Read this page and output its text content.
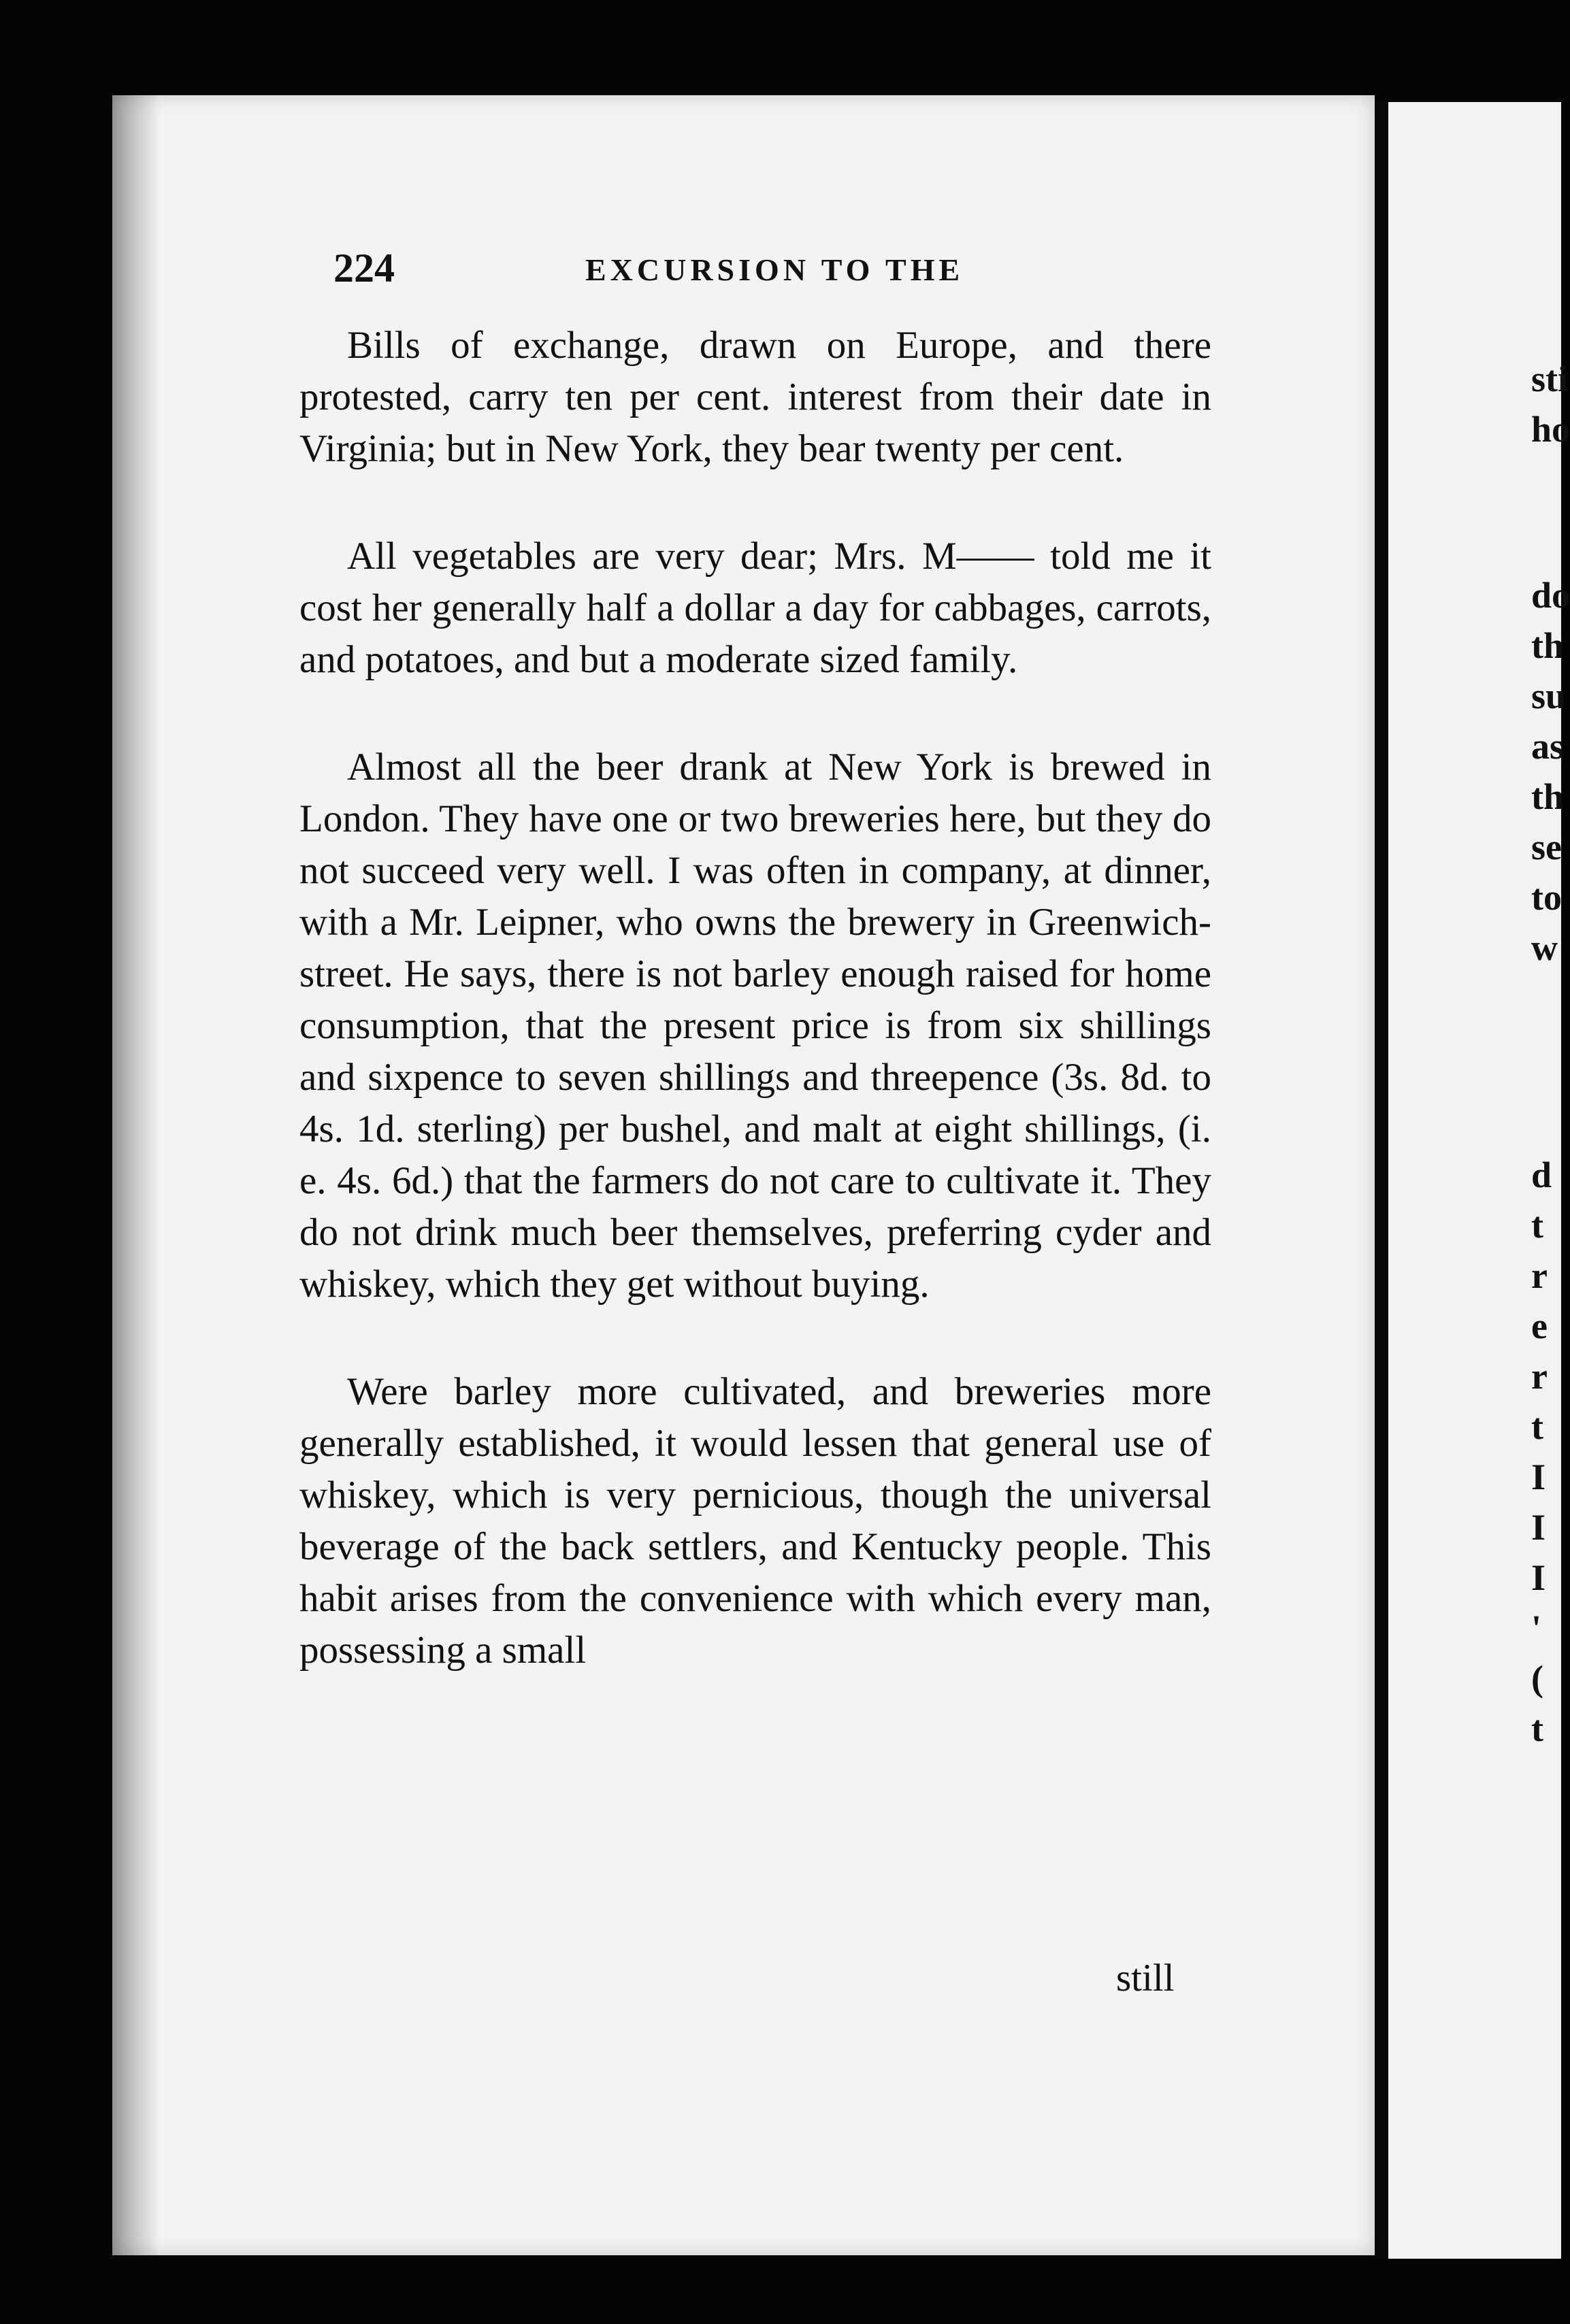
224	EXCURSION TO THE

Bills of exchange, drawn on Europe, and there protested, carry ten per cent. interest from their date in Virginia; but in New York, they bear twenty per cent.

All vegetables are very dear; Mrs. M—— told me it cost her generally half a dollar a day for cabbages, carrots, and potatoes, and but a moderate sized family.

Almost all the beer drank at New York is brewed in London. They have one or two breweries here, but they do not succeed very well. I was often in company, at dinner, with a Mr. Leipner, who owns the brewery in Greenwich-street. He says, there is not barley enough raised for home consumption, that the present price is from six shillings and sixpence to seven shillings and threepence (3s. 8d. to 4s. 1d. sterling) per bushel, and malt at eight shillings, (i. e. 4s. 6d.) that the farmers do not care to cultivate it. They do not drink much beer themselves, preferring cyder and whiskey, which they get without buying.

Were barley more cultivated, and breweries more generally established, it would lessen that general use of whiskey, which is very pernicious, though the universal beverage of the back settlers, and Kentucky people. This habit arises from the convenience with which every man, possessing a small

still
sti
ho
do
th
su
as
th
se
to
w
d
t
r
e
r
t
I
I
I
'
(
t
